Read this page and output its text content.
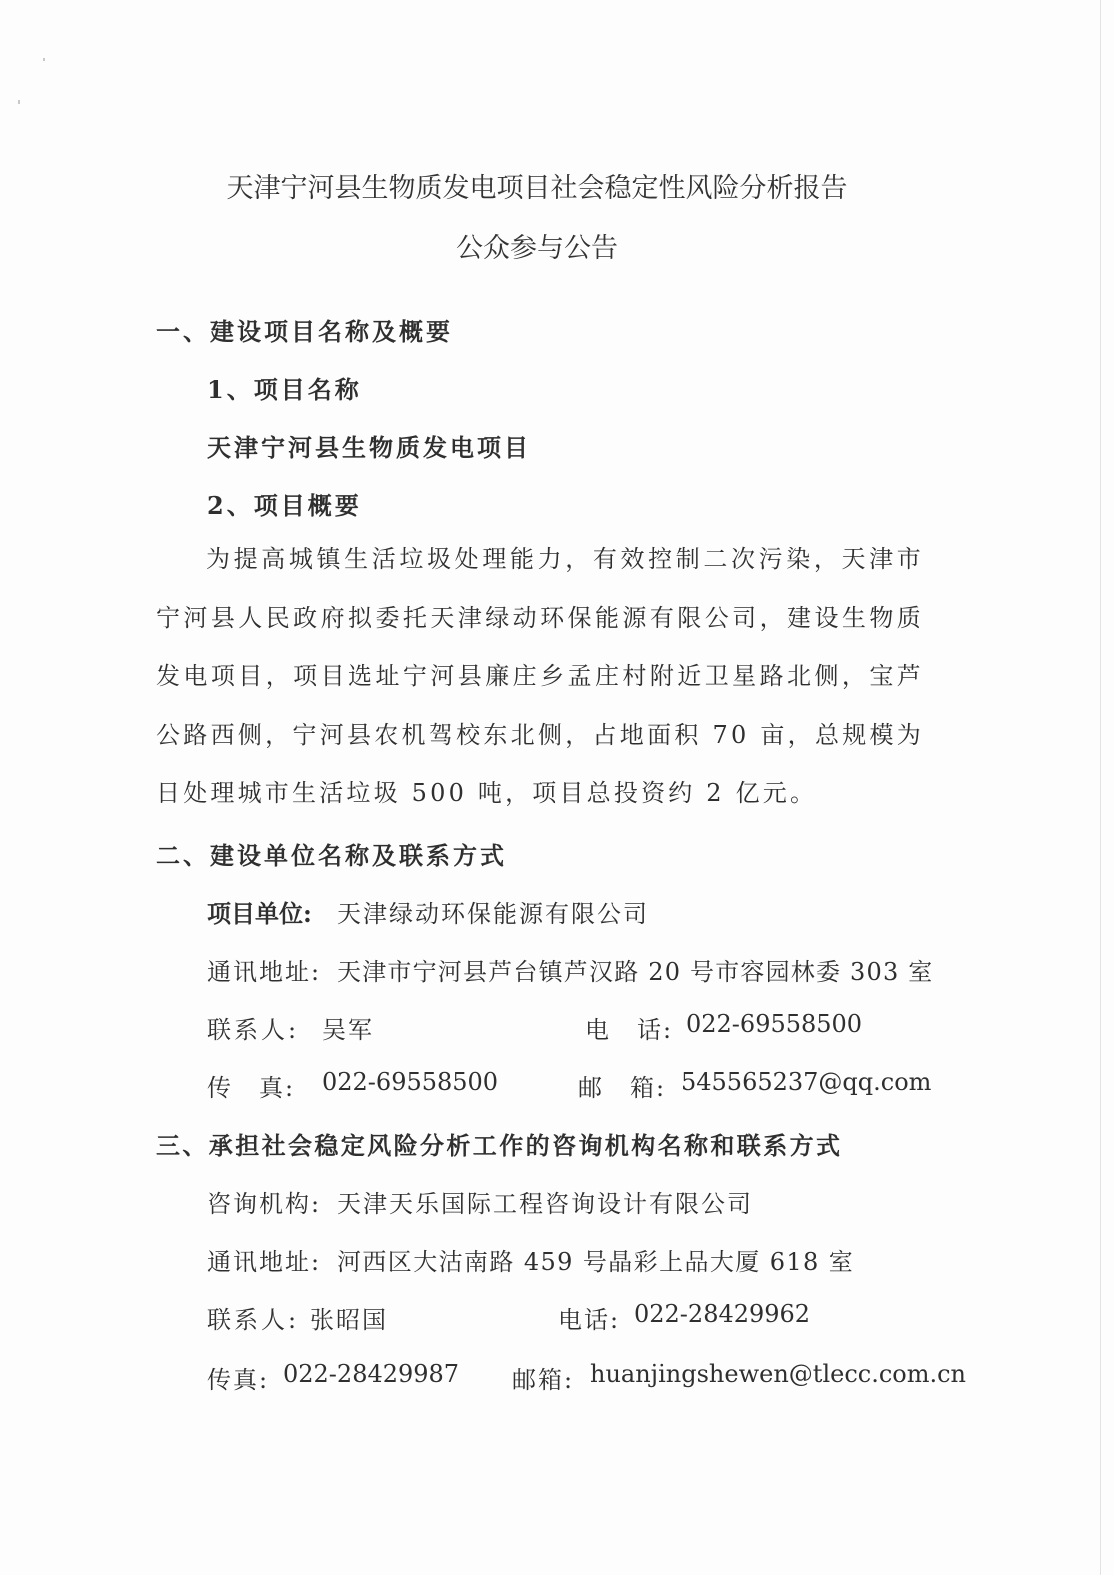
天津宁河县生物质发电项目社会稳定性风险分析报告
公众参与公告
一、建设项目名称及概要
1、项目名称
天津宁河县生物质发电项目
2、项目概要
为提高城镇生活垃圾处理能力，有效控制二次污染，天津市宁河县人民政府拟委托天津绿动环保能源有限公司，建设生物质发电项目，项目选址宁河县廉庄乡孟庄村附近卫星路北侧，宝芦公路西侧，宁河县农机驾校东北侧，占地面积 70 亩，总规模为日处理城市生活垃圾 500 吨，项目总投资约 2 亿元。
二、建设单位名称及联系方式
项目单位: 天津绿动环保能源有限公司
通讯地址: 天津市宁河县芦台镇芦汉路 20 号市容园林委 303 室
联系人: 吴军	电　话: 022-69558500
传　真: 022-69558500	邮　箱: 545565237@qq.com
三、承担社会稳定风险分析工作的咨询机构名称和联系方式
咨询机构: 天津天乐国际工程咨询设计有限公司
通讯地址: 河西区大沽南路 459 号晶彩上品大厦 618 室
联系人: 张昭国	电话: 022-28429962
传真: 022-28429987 邮箱: huanjingshewen@tlecc.com.cn
